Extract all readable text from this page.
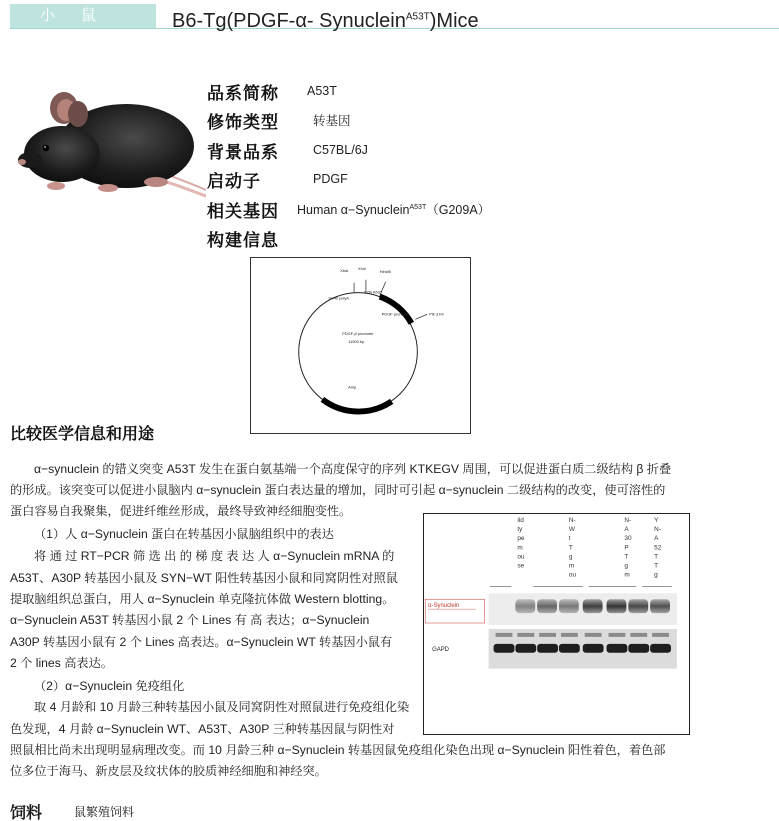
小鼠	B6-Tg(PDGF-α- Synuclein$^{A53T}$)Mice
品系简称	A53T
修饰类型	转基因
背景品系	C57BL/6J
启动子	PDGF
相关基因	Human α−Synuclein$^{A53T}$（G209A）
构建信息
XbaI XhoI
HindIII
SV40 polyA
SYN A53T
PDGF promoter	Ptk 3 IIII
PDGF-β promoter
11000 bp
Amp
比较医学信息和用途
α−synuclein 的错义突变 A53T 发生在蛋白氨基端一个高度保守的序列 KTKEGV 周围，可以促进蛋白质二级结构 β 折叠
的形成。该突变可以促进小鼠脑内 α−synuclein 蛋白表达量的增加，同时可引起 α−synuclein 二级结构的改变，使可溶性的
蛋白容易自我聚集，促进纤维丝形成，最终导致神经细胞变性。
（1）人 α−Synuclein 蛋白在转基因小鼠脑组织中的表达
将 通 过 RT−PCR 筛 选 出 的 梯 度 表 达 人 α−Synuclein mRNA 的
A53T、A30P 转基因小鼠及 SYN−WT 阳性转基因小鼠和同窝阴性对照鼠
提取脑组织总蛋白，用人 α−Synuclein 单克隆抗体做 Western blotting。
α−Synuclein A53T 转基因小鼠 2 个 Lines 有 高 表达；α−Synuclein
A30P 转基因小鼠有 2 个 Lines 高表达。α−Synuclein WT 转基因小鼠有
2 个 lines 高表达。
（2）α−Synuclein 免疫组化
取 4 月龄和 10 月龄三种转基因小鼠及同窝阴性对照鼠进行免疫组化染
色发现，4 月龄 α−Synuclein WT、A53T、A30P 三种转基因鼠与阴性对
照鼠相比尚未出现明显病理改变。而 10 月龄三种 α−Synuclein 转基因鼠免疫组化染色出现 α−Synuclein 阳性着色，着色部
位多位于海马、新皮层及纹状体的胶质神经细胞和神经突。
ild
ty
pe
m
ou
se
N-
W
t
T
g
m
ou
N-
A
30
P
T
g
m
Y
N-
A
52
T
T
g
α-Synuclein
GAPD
饲料	鼠繁殖饲料
